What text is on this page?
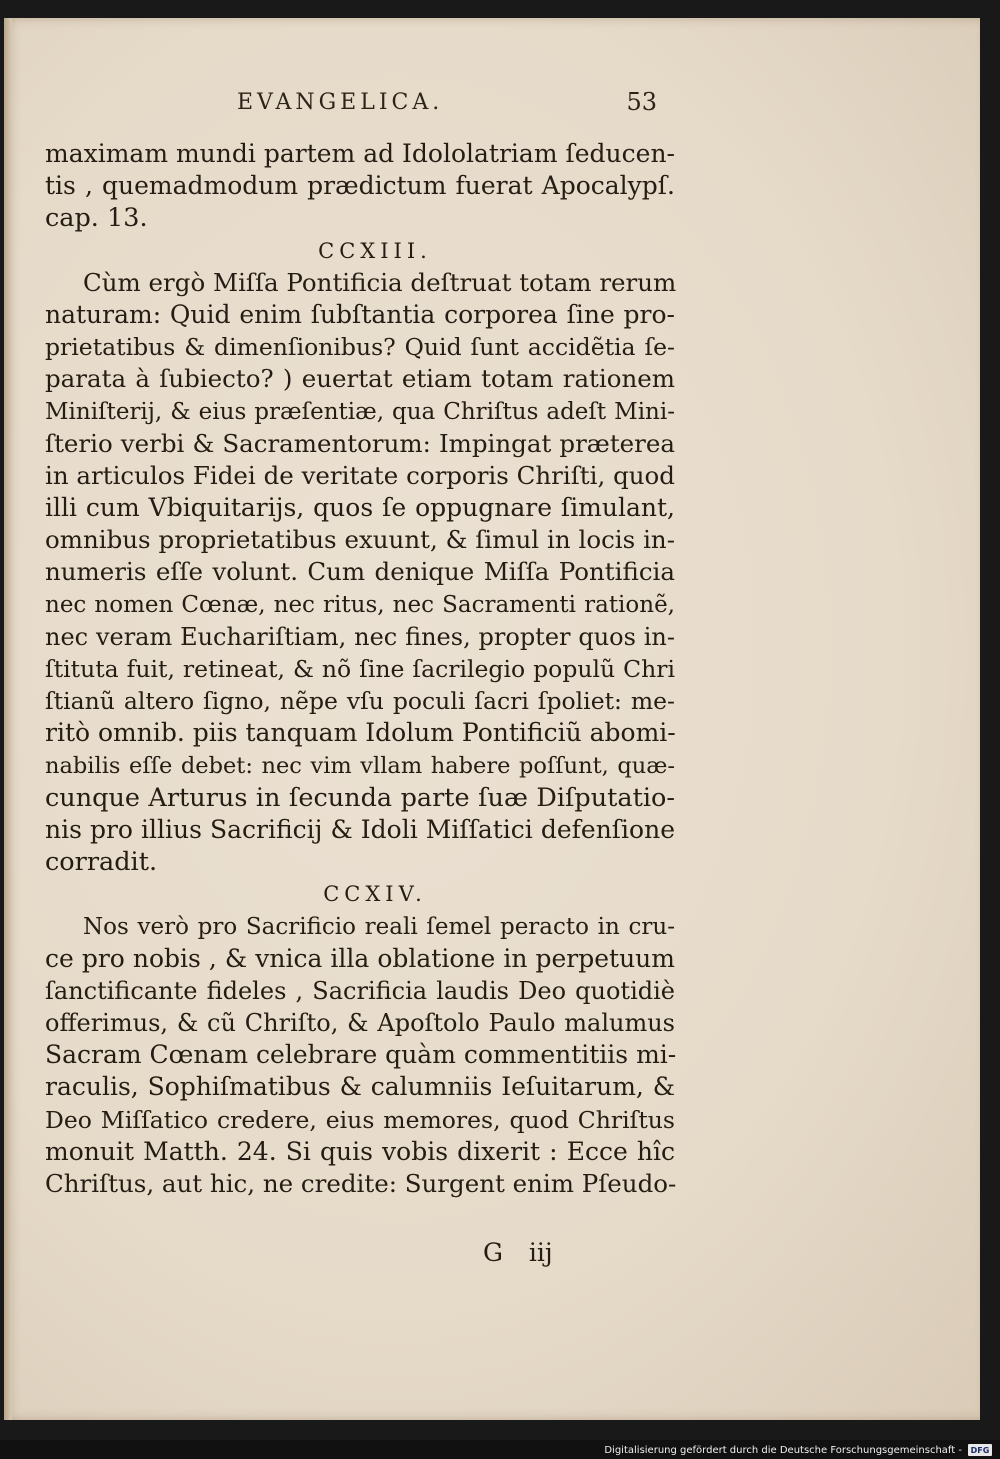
EVANGELICA.	53
maximam mundi partem ad Idololatriam ſeducen-
tis , quemadmodum prædictum fuerat Apocalypſ.
cap. 13.
CCXIII.
Cùm ergò Miſſa Pontificia deſtruat totam rerum
naturam: Quid enim ſubſtantia corporea ſine pro-
prietatibus & dimenſionibus? Quid ſunt accidẽtia ſe-
parata à ſubiecto? ) euertat etiam totam rationem
Miniſterij, & eius præſentiæ, qua Chriſtus adeſt Mini-
ſterio verbi & Sacramentorum: Impingat præterea
in articulos Fidei de veritate corporis Chriſti, quod
illi cum Vbiquitarijs, quos ſe oppugnare ſimulant,
omnibus proprietatibus exuunt, & ſimul in locis in-
numeris eſſe volunt. Cum denique Miſſa Pontificia
nec nomen Cœnæ, nec ritus, nec Sacramenti rationẽ,
nec veram Euchariſtiam, nec fines, propter quos in-
ſtituta fuit, retineat, & nõ ſine ſacrilegio populũ Chri
ſtianũ altero ſigno, nẽpe vſu poculi ſacri ſpoliet: me-
ritò omnib. piis tanquam Idolum Pontificiũ abomi-
nabilis eſſe debet: nec vim vllam habere poſſunt, quæ-
cunque Arturus in ſecunda parte ſuæ Diſputatio-
nis pro illius Sacrificij & Idoli Miſſatici defenſione
corradit.
CCXIV.
Nos verò pro Sacrificio reali ſemel peracto in cru-
ce pro nobis , & vnica illa oblatione in perpetuum
ſanctificante fideles , Sacrificia laudis Deo quotidiè
offerimus, & cũ Chriſto, & Apoſtolo Paulo malumus
Sacram Cœnam celebrare quàm commentitiis mi-
raculis, Sophiſmatibus & calumniis Ieſuitarum, &
Deo Miſſatico credere, eius memores, quod Chriſtus
monuit Matth. 24. Si quis vobis dixerit : Ecce hîc
Chriſtus, aut hic, ne credite: Surgent enim Pſeudo-
G iij
Digitalisierung gefördert durch die Deutsche Forschungsgemeinschaft -	DFG
